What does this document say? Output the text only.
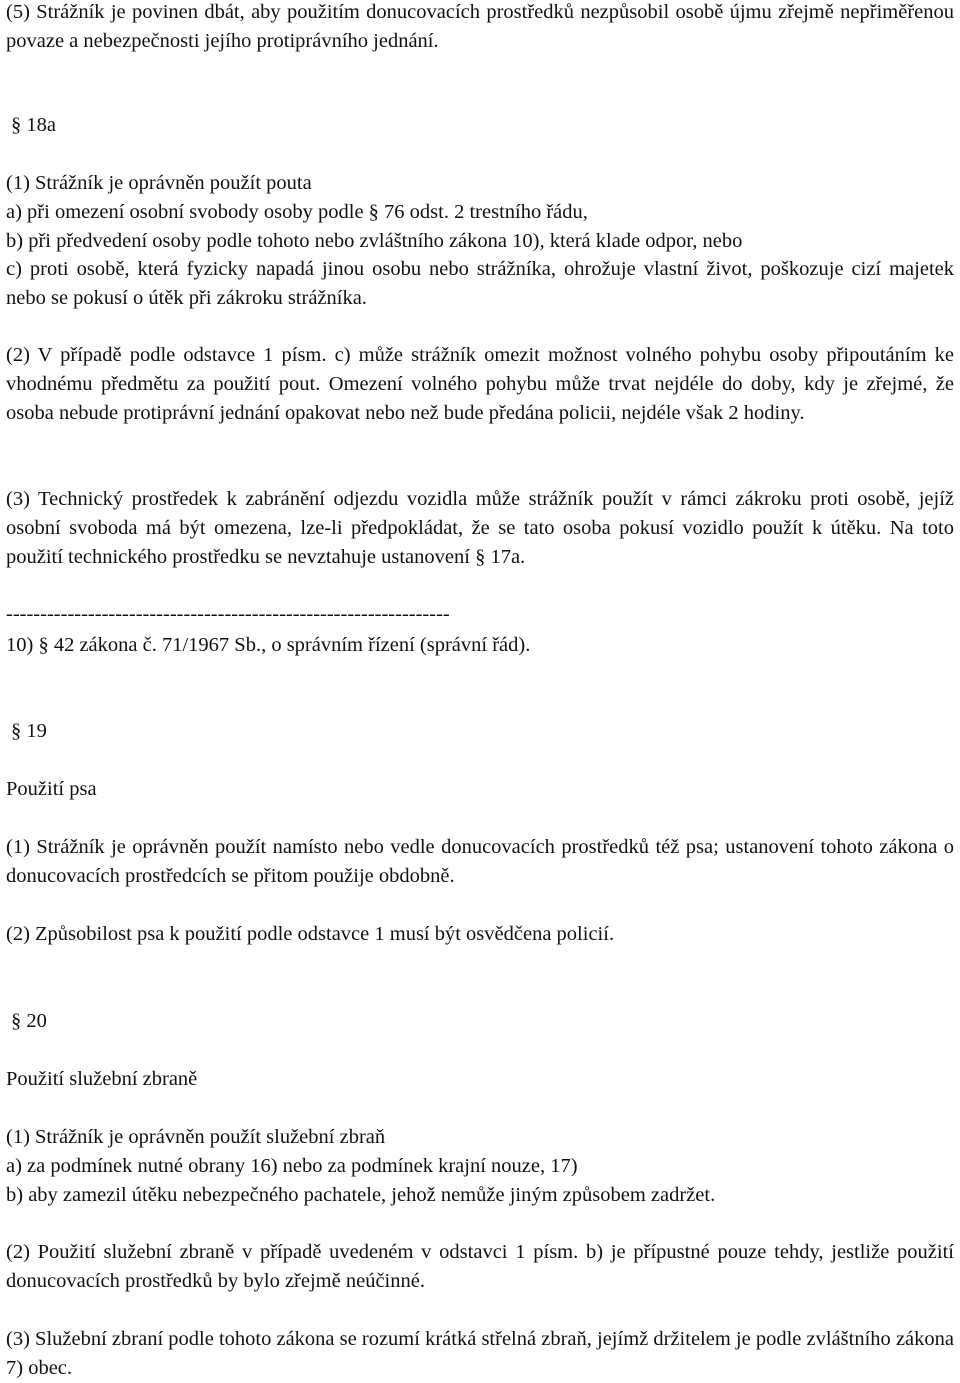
(5) Strážník je povinen dbát, aby použitím donucovacích prostředků nezpůsobil osobě újmu zřejmě nepřiměřenou povaze a nebezpečnosti jejího protiprávního jednání.

§ 18a

(1) Strážník je oprávněn použít pouta

a) při omezení osobní svobody osoby podle § 76 odst. 2 trestního řádu,

b) při předvedení osoby podle tohoto nebo zvláštního zákona 10), která klade odpor, nebo

c) proti osobě, která fyzicky napadá jinou osobu nebo strážníka, ohrožuje vlastní život, poškozuje cizí majetek nebo se pokusí o útěk při zákroku strážníka.

(2) V případě podle odstavce 1 písm. c) může strážník omezit možnost volného pohybu osoby připoutáním ke vhodnému předmětu za použití pout. Omezení volného pohybu může trvat nejdéle do doby, kdy je zřejmé, že osoba nebude protiprávní jednání opakovat nebo než bude předána policii, nejdéle však 2 hodiny.

(3) Technický prostředek k zabránění odjezdu vozidla může strážník použít v rámci zákroku proti osobě, jejíž osobní svoboda má být omezena, lze-li předpokládat, že se tato osoba pokusí vozidlo použít k útěku. Na toto použití technického prostředku se nevztahuje ustanovení § 17a.

-----------------------------------------------------------------

10) § 42 zákona č. 71/1967 Sb., o správním řízení (správní řád).

§ 19

Použití psa

(1) Strážník je oprávněn použít namísto nebo vedle donucovacích prostředků též psa; ustanovení tohoto zákona o donucovacích prostředcích se přitom použije obdobně.

(2) Způsobilost psa k použití podle odstavce 1 musí být osvědčena policií.

§ 20

Použití služební zbraně

(1) Strážník je oprávněn použít služební zbraň

a) za podmínek nutné obrany 16) nebo za podmínek krajní nouze, 17)

b) aby zamezil útěku nebezpečného pachatele, jehož nemůže jiným způsobem zadržet.

(2) Použití služební zbraně v případě uvedeném v odstavci 1 písm. b) je přípustné pouze tehdy, jestliže použití donucovacích prostředků by bylo zřejmě neúčinné.

(3) Služební zbraní podle tohoto zákona se rozumí krátká střelná zbraň, jejímž držitelem je podle zvláštního zákona 7) obec.
